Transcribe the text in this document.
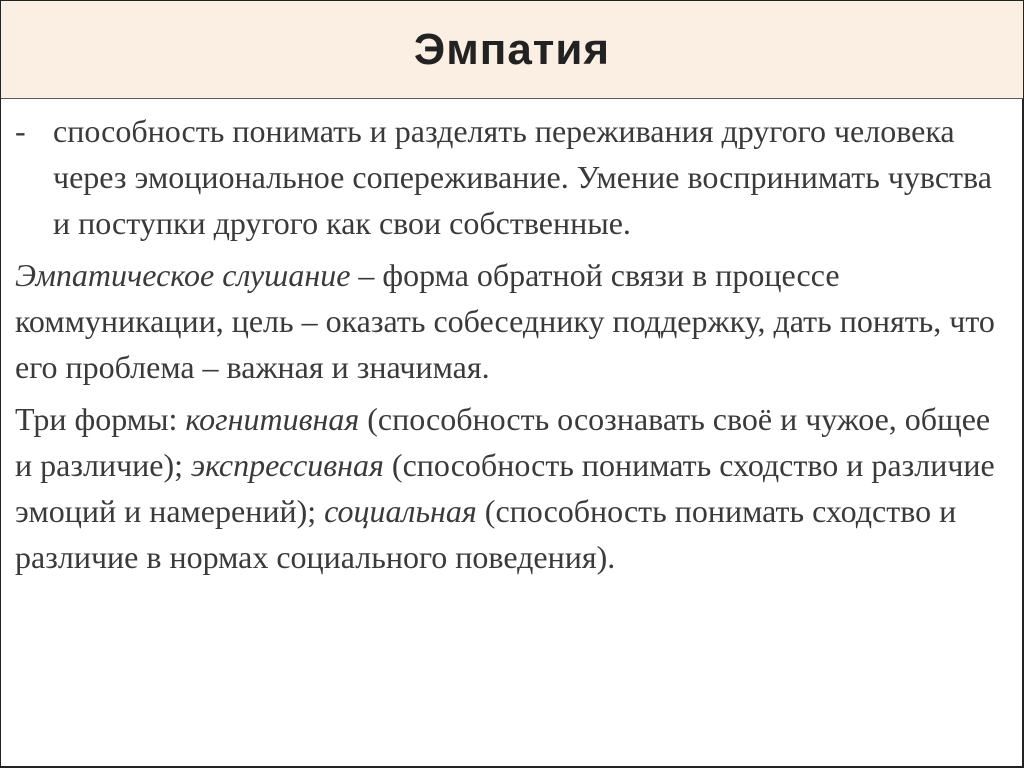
Эмпатия
- способность понимать и разделять переживания другого человека через эмоциональное сопереживание. Умение воспринимать чувства и поступки другого как свои собственные.

Эмпатическое слушание – форма обратной связи в процессе коммуникации, цель – оказать собеседнику поддержку, дать понять, что его проблема – важная и значимая.

Три формы: когнитивная (способность осознавать своё и чужое, общее и различие); экспрессивная (способность понимать сходство и различие эмоций и намерений); социальная (способность понимать сходство и различие в нормах социального поведения).
